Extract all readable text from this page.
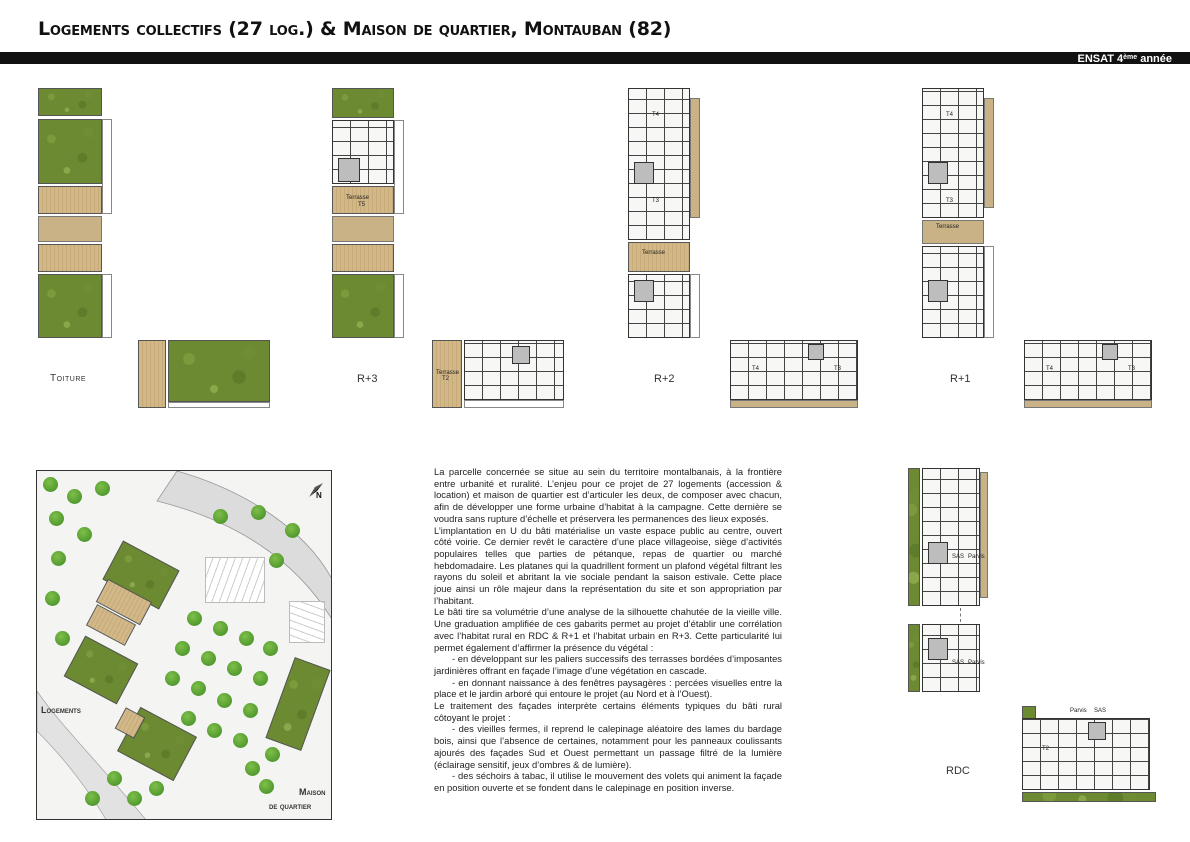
Logements collectifs (27 log.) & Maison de quartier, Montauban (82)
ENSAT 4ème année
Toiture
Terrasse
T5
Terrasse
T2
R+3
Terrasse
T4
T3
T4	T3
R+2
Terrasse
T4
T3
T4	T3
R+1
N
Logements
Maison
de quartier

La parcelle concernée se situe au sein du territoire montalbanais, à la frontière entre urbanité et ruralité. L’enjeu pour ce projet de 27 logements (accession & location) et maison de quartier est d’articuler les deux, de composer avec chacun, afin de développer une forme urbaine d’habitat à la campagne. Cette dernière se voudra sans rupture d’échelle et préservera les permanences des lieux exposés.

L’implantation en U du bâti matérialise un vaste espace public au centre, ouvert côté voirie. Ce dernier revêt le caractère d’une place villageoise, siège d’activités populaires telles que parties de pétanque, repas de quartier ou marché hebdomadaire. Les platanes qui la quadrillent forment un plafond végétal filtrant les rayons du soleil et abritant la vie sociale pendant la saison estivale. Cette place joue ainsi un rôle majeur dans la représentation du site et son appropriation par l’habitant.

Le bâti tire sa volumétrie d’une analyse de la silhouette chahutée de la vieille ville. Une graduation amplifiée de ces gabarits permet au projet d’établir une corrélation avec l’habitat rural en RDC & R+1 et l’habitat urbain en R+3. Cette particularité lui permet également d’affirmer la présence du végétal :

- en développant sur les paliers successifs des terrasses bordées d’imposantes jardinières offrant en façade l’image d’une végétation en cascade.

- en donnant naissance à des fenêtres paysagères : percées visuelles entre la place et le jardin arboré qui entoure le projet (au Nord et à l’Ouest).

Le traitement des façades interprète certains éléments typiques du bâti rural côtoyant le projet :

- des vieilles fermes, il reprend le calepinage aléatoire des lames du bardage bois, ainsi que l’absence de certaines, notamment pour les panneaux coulissants ajourés des façades Sud et Ouest permettant un passage filtré de la lumière (éclairage sensitif, jeux d’ombres & de lumière).

- des séchoirs à tabac, il utilise le mouvement des volets qui animent la façade en position ouverte et se fondent dans le calepinage en position inverse.

SAS Parvis
SAS Parvis
T2
Parvis SAS
RDC
